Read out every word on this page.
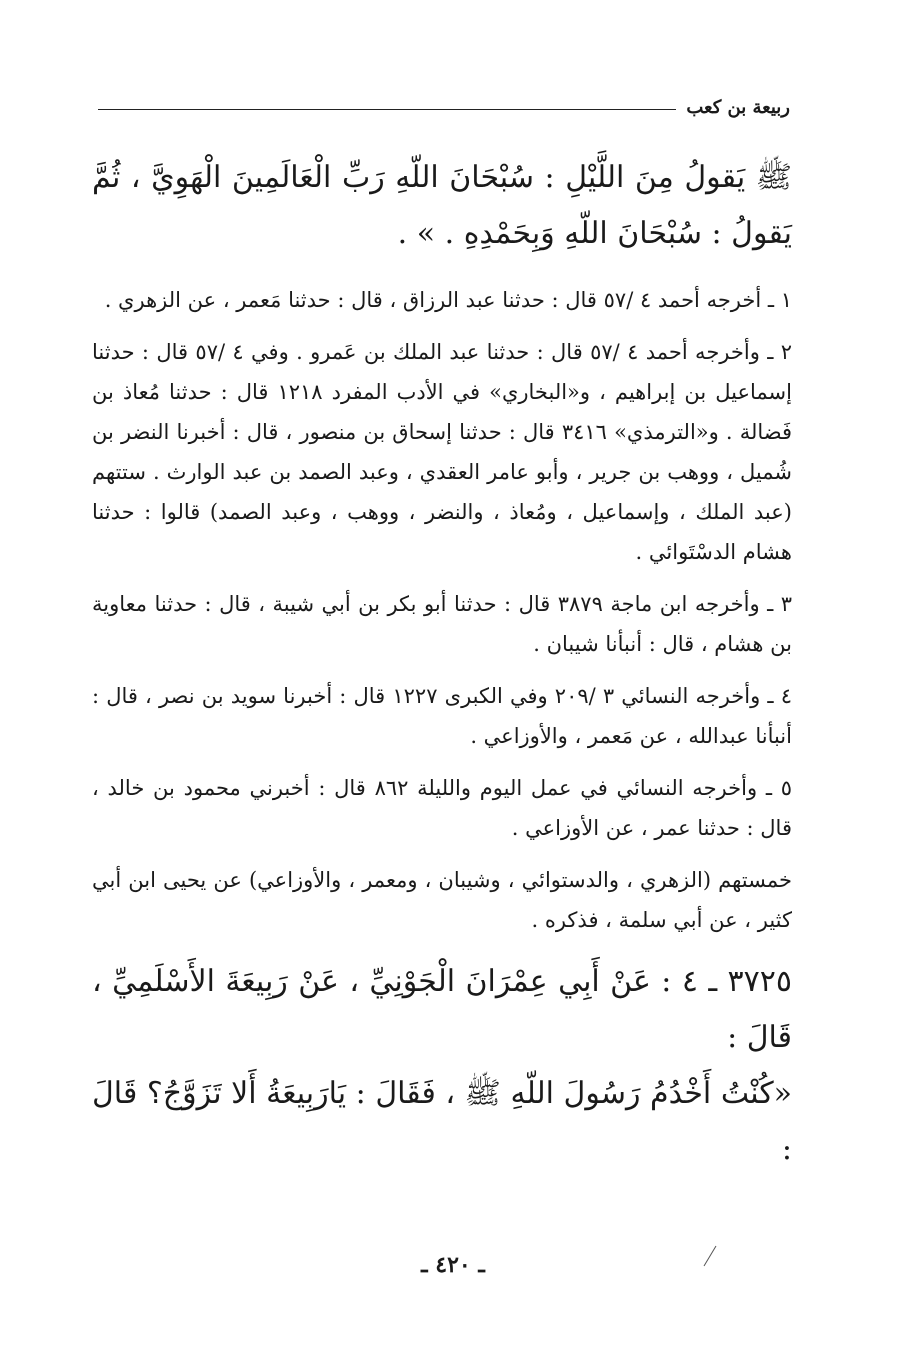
ربيعة بن كعب

ﷺ يَقولُ مِنَ اللَّيْلِ : سُبْحَانَ اللّهِ رَبِّ الْعَالَمِينَ الْهَوِيَّ ، ثُمَّ يَقولُ : سُبْحَانَ اللّهِ وَبِحَمْدِهِ . » .

١ ـ أخرجه أحمد ٤ /٥٧ قال : حدثنا عبد الرزاق ، قال : حدثنا مَعمر ، عن الزهري .

٢ ـ وأخرجه أحمد ٤ /٥٧ قال : حدثنا عبد الملك بن عَمرو . وفي ٤ /٥٧ قال : حدثنا إسماعيل بن إبراهيم ، و«البخاري» في الأدب المفرد ١٢١٨ قال : حدثنا مُعاذ بن فَضالة . و«الترمذي» ٣٤١٦ قال : حدثنا إسحاق بن منصور ، قال : أخبرنا النضر بن شُميل ، ووهب بن جرير ، وأبو عامر العقدي ، وعبد الصمد بن عبد الوارث . ستتهم (عبد الملك ، وإسماعيل ، ومُعاذ ، والنضر ، ووهب ، وعبد الصمد) قالوا : حدثنا هشام الدسْتَوائي .

٣ ـ وأخرجه ابن ماجة ٣٨٧٩ قال : حدثنا أبو بكر بن أبي شيبة ، قال : حدثنا معاوية بن هشام ، قال : أنبأنا شيبان .

٤ ـ وأخرجه النسائي ٣ /٢٠٩ وفي الكبرى ١٢٢٧ قال : أخبرنا سويد بن نصر ، قال : أنبأنا عبدالله ، عن مَعمر ، والأوزاعي .

٥ ـ وأخرجه النسائي في عمل اليوم والليلة ٨٦٢ قال : أخبرني محمود بن خالد ، قال : حدثنا عمر ، عن الأوزاعي .

خمستهم (الزهري ، والدستوائي ، وشيبان ، ومعمر ، والأوزاعي) عن يحيى ابن أبي كثير ، عن أبي سلمة ، فذكره .

٣٧٢٥ ـ ٤ : عَنْ أَبِي عِمْرَانَ الْجَوْنِيِّ ، عَنْ رَبِيعَةَ الأَسْلَمِيِّ ، قَالَ :

«كُنْتُ أَخْدُمُ رَسُولَ اللّهِ ﷺ ، فَقَالَ : يَارَبِيعَةُ أَلا تَزَوَّجُ؟ قَالَ :

ـ ٤٢٠ ـ
